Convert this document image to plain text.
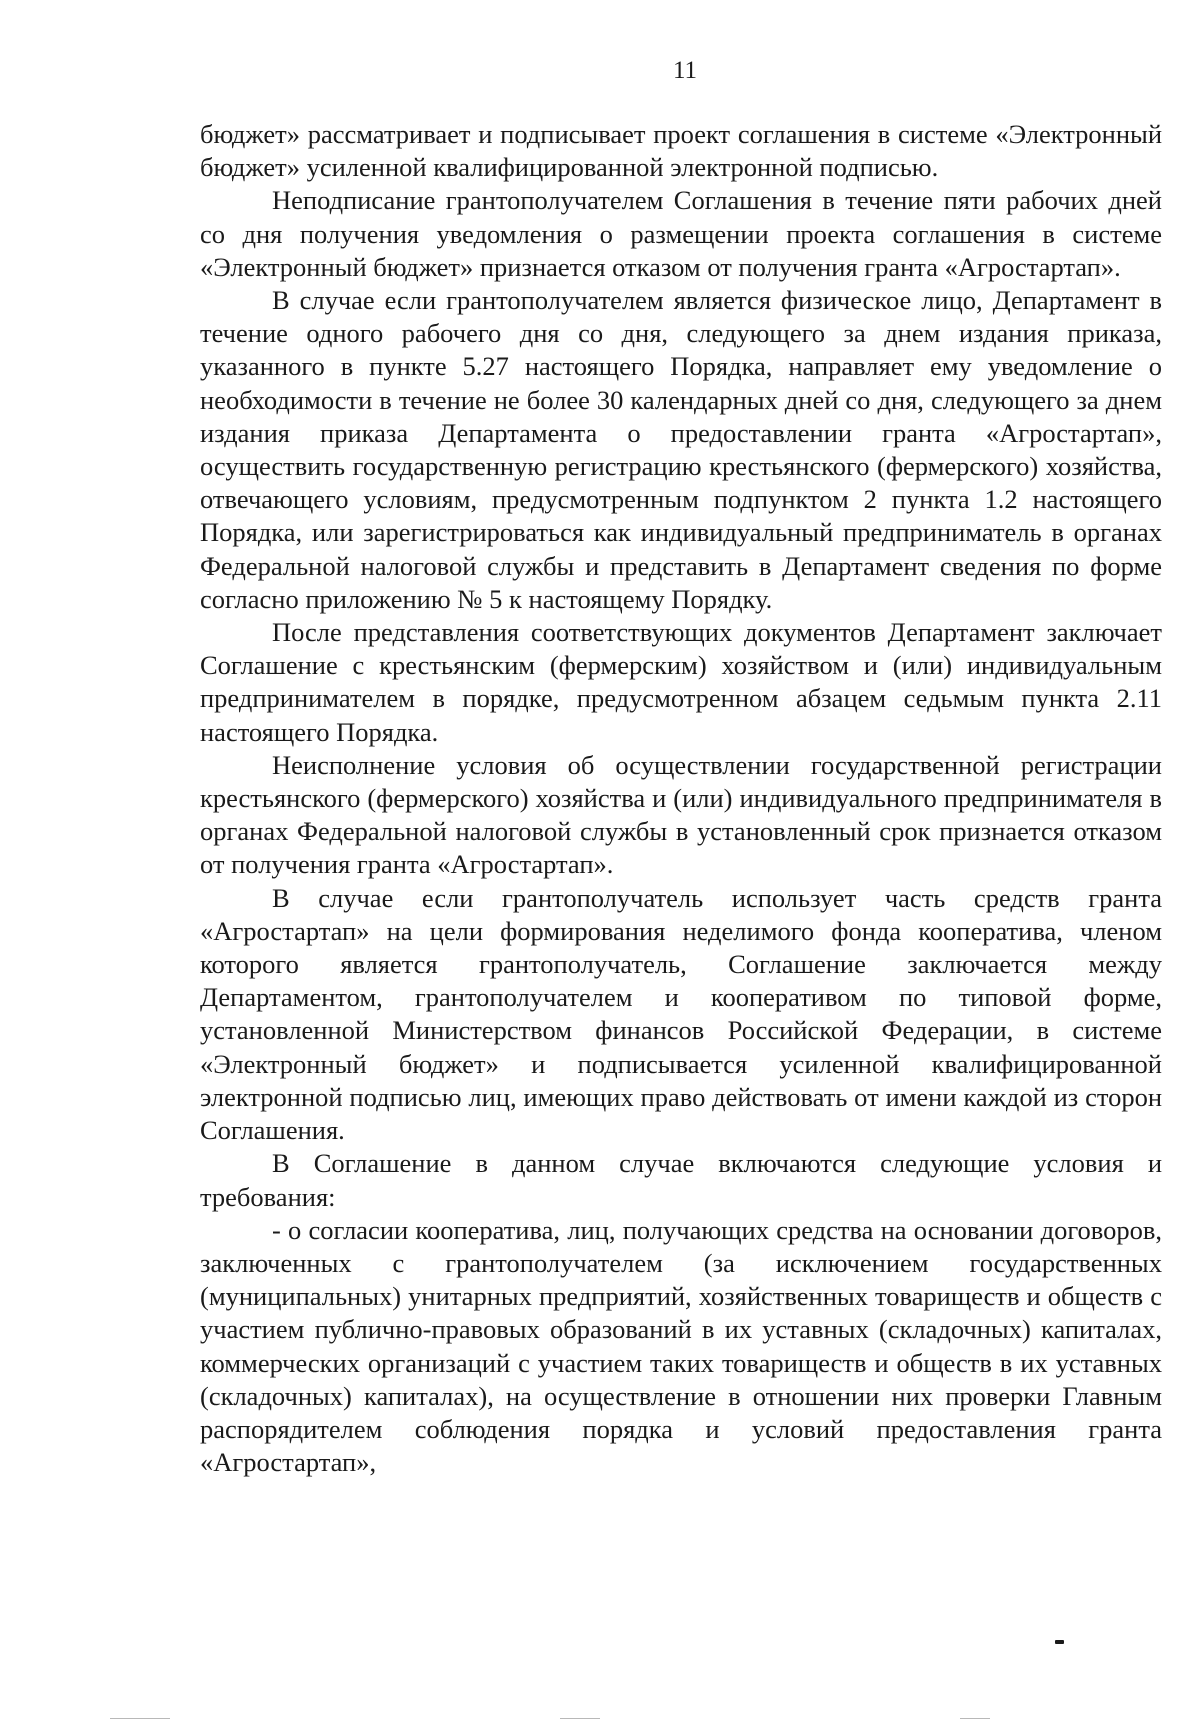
11

бюджет» рассматривает и подписывает проект соглашения в системе «Электронный бюджет» усиленной квалифицированной электронной подписью.

Неподписание грантополучателем Соглашения в течение пяти рабочих дней со дня получения уведомления о размещении проекта соглашения в системе «Электронный бюджет» признается отказом от получения гранта «Агростартап».

В случае если грантополучателем является физическое лицо, Департамент в течение одного рабочего дня со дня, следующего за днем издания приказа, указанного в пункте 5.27 настоящего Порядка, направляет ему уведомление о необходимости в течение не более 30 календарных дней со дня, следующего за днем издания приказа Департамента о предоставлении гранта «Агростартап», осуществить государственную регистрацию крестьянского (фермерского) хозяйства, отвечающего условиям, предусмотренным подпунктом 2 пункта 1.2 настоящего Порядка, или зарегистрироваться как индивидуальный предприниматель в органах Федеральной налоговой службы и представить в Департамент сведения по форме согласно приложению № 5 к настоящему Порядку.

После представления соответствующих документов Департамент заключает Соглашение с крестьянским (фермерским) хозяйством и (или) индивидуальным предпринимателем в порядке, предусмотренном абзацем седьмым пункта 2.11 настоящего Порядка.

Неисполнение условия об осуществлении государственной регистрации крестьянского (фермерского) хозяйства и (или) индивидуального предпринимателя в органах Федеральной налоговой службы в установленный срок признается отказом от получения гранта «Агростартап».

В случае если грантополучатель использует часть средств гранта «Агростартап» на цели формирования неделимого фонда кооператива, членом которого является грантополучатель, Соглашение заключается между Департаментом, грантополучателем и кооперативом по типовой форме, установленной Министерством финансов Российской Федерации, в системе «Электронный бюджет» и подписывается усиленной квалифицированной электронной подписью лиц, имеющих право действовать от имени каждой из сторон Соглашения.

В Соглашение в данном случае включаются следующие условия и требования:

- о согласии кооператива, лиц, получающих средства на основании договоров, заключенных с грантополучателем (за исключением государственных (муниципальных) унитарных предприятий, хозяйственных товариществ и обществ с участием публично-правовых образований в их уставных (складочных) капиталах, коммерческих организаций с участием таких товариществ и обществ в их уставных (складочных) капиталах), на осуществление в отношении них проверки Главным распорядителем соблюдения порядка и условий предоставления гранта «Агростартап»,
